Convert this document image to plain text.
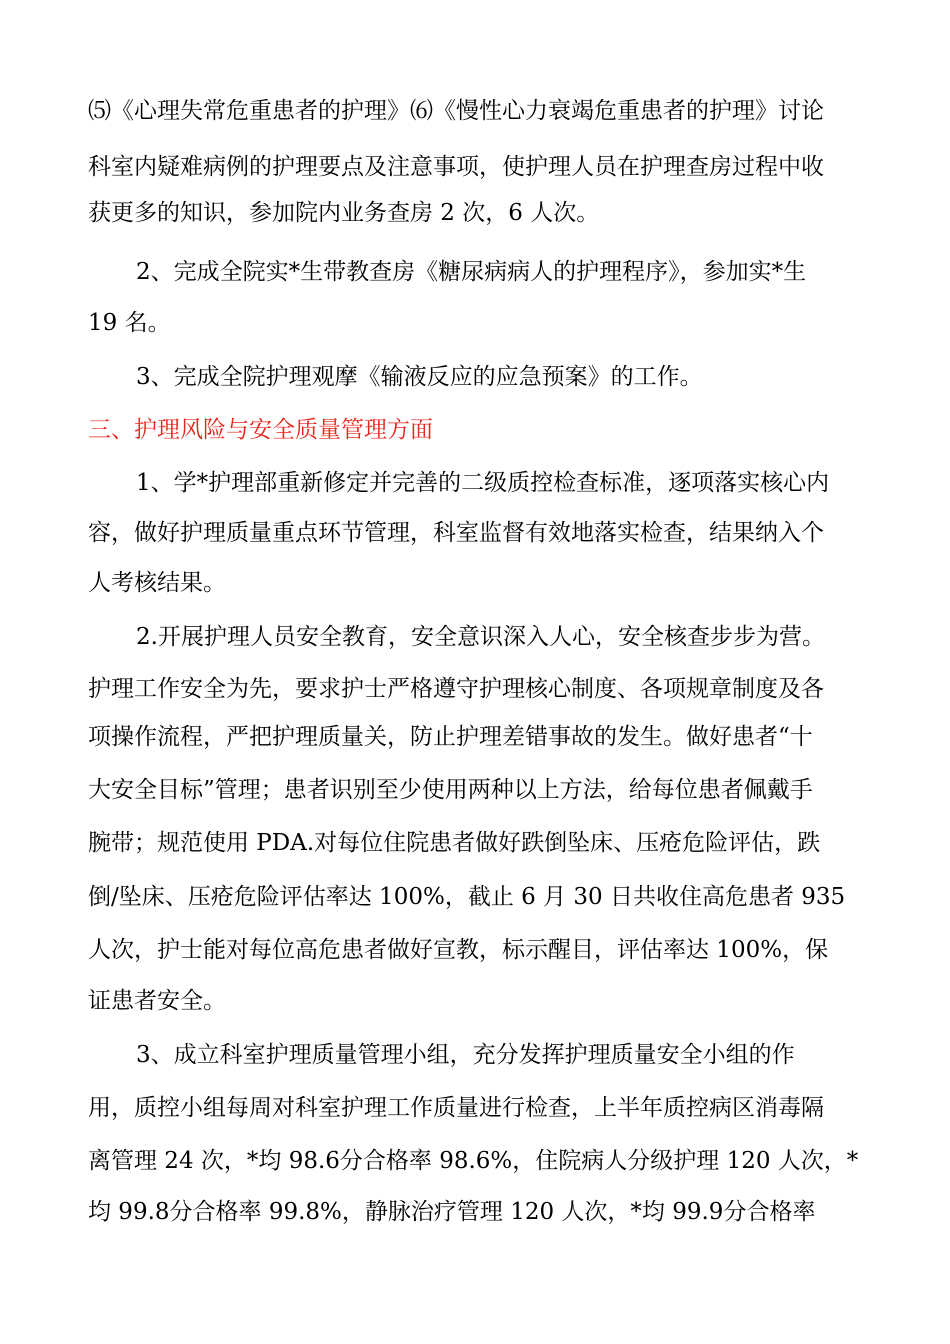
⑸《心理失常危重患者的护理》⑹《慢性心力衰竭危重患者的护理》讨论
科室内疑难病例的护理要点及注意事项，使护理人员在护理查房过程中收
获更多的知识，参加院内业务查房 2 次，6 人次。
2、完成全院实*生带教查房《糖尿病病人的护理程序》，参加实*生
19 名。
3、完成全院护理观摩《输液反应的应急预案》的工作。
三、护理风险与安全质量管理方面
1、学*护理部重新修定并完善的二级质控检查标准，逐项落实核心内
容，做好护理质量重点环节管理，科室监督有效地落实检查，结果纳入个
人考核结果。
2.开展护理人员安全教育，安全意识深入人心，安全核查步步为营。
护理工作安全为先，要求护士严格遵守护理核心制度、各项规章制度及各
项操作流程，严把护理质量关，防止护理差错事故的发生。做好患者“十
大安全目标”管理；患者识别至少使用两种以上方法，给每位患者佩戴手
腕带；规范使用 PDA.对每位住院患者做好跌倒坠床、压疮危险评估，跌
倒/坠床、压疮危险评估率达 100%，截止 6 月 30 日共收住高危患者 935
人次，护士能对每位高危患者做好宣教，标示醒目，评估率达 100%，保
证患者安全。
3、成立科室护理质量管理小组，充分发挥护理质量安全小组的作
用，质控小组每周对科室护理工作质量进行检查，上半年质控病区消毒隔
离管理 24 次，*均 98.6分合格率 98.6%，住院病人分级护理 120 人次，*
均 99.8分合格率 99.8%，静脉治疗管理 120 人次，*均 99.9分合格率
